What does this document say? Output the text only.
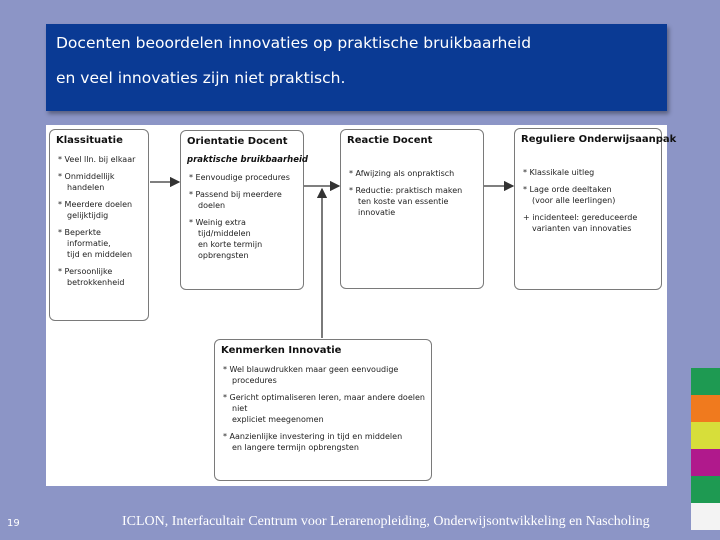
Docenten beoordelen innovaties op praktische bruikbaarheid
en veel innovaties zijn niet praktisch.
Klassituatie
* Veel lln. bij elkaar
* Onmiddellijk handelen
* Meerdere doelen
gelijktijdig
* Beperkte informatie,
tijd en middelen
* Persoonlijke
betrokkenheid
Orientatie Docent
praktische bruikbaarheid
* Eenvoudige procedures
* Passend bij meerdere doelen
* Weinig extra tijd/middelen
en korte termijn opbrengsten
Reactie Docent
* Afwijzing als onpraktisch
* Reductie: praktisch maken
ten koste van essentie innovatie
Reguliere Onderwijsaanpak
* Klassikale uitleg
* Lage orde deeltaken
(voor alle leerlingen)
+ incidenteel: gereduceerde
varianten van innovaties
Kenmerken Innovatie
* Wel blauwdrukken maar geen eenvoudige procedures
* Gericht optimaliseren leren, maar andere doelen niet
expliciet meegenomen
* Aanzienlijke investering in tijd en middelen
en langere termijn opbrengsten
19	ICLON, Interfacultair Centrum voor Lerarenopleiding, Onderwijsontwikkeling en Nascholing
